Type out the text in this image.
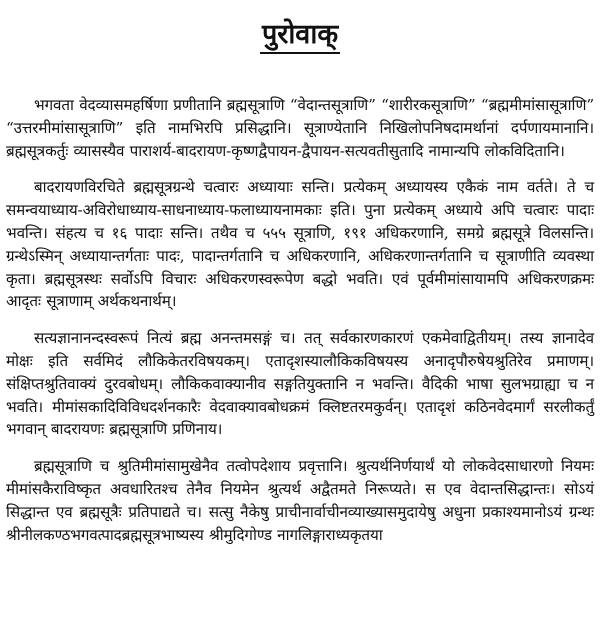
पुरोवाक्

भगवता वेदव्यासमहर्षिणा प्रणीतानि ब्रह्मसूत्राणि “वेदान्तसूत्राणि” “शारीरकसूत्राणि” “ब्रह्ममीमांसासूत्राणि” “उत्तरमीमांसासूत्राणि” इति नामभिरपि प्रसिद्धानि। सूत्राण्येतानि निखिलोपनिषदामर्थानां दर्पणायमानानि। ब्रह्मसूत्रकर्तुः व्यासस्यैव पाराशर्य-बादरायण-कृष्णद्वैपायन-द्वैपायन-सत्यवतीसुतादि नामान्यपि लोकविदितानि।

बादरायणविरचिते ब्रह्मसूत्रग्रन्थे चत्वारः अध्यायाः सन्ति। प्रत्येकम् अध्यायस्य एकैकं नाम वर्तते। ते च समन्वयाध्याय-अविरोधाध्याय-साधनाध्याय-फलाध्यायनामकाः इति। पुना प्रत्येकम् अध्याये अपि चत्वारः पादाः भवन्ति। संहत्य च १६ पादाः सन्ति। तथैव च ५५५ सूत्राणि, १९१ अधिकरणानि, समग्रे ब्रह्मसूत्रे विलसन्ति। ग्रन्थेऽस्मिन् अध्यायान्तर्गताः पादः, पादान्तर्गतानि च अधिकरणानि, अधिकरणान्तर्गतानि च सूत्राणीति व्यवस्था कृता। ब्रह्मसूत्रस्थः सर्वोऽपि विचारः अधिकरणस्वरूपेण बद्धो भवति। एवं पूर्वमीमांसायामपि अधिकरणक्रमः आदृतः सूत्राणाम् अर्थकथनार्थम्।

सत्यज्ञानानन्दस्वरूपं नित्यं ब्रह्म अनन्तमसङ्गं च। तत् सर्वकारणकारणं एकमेवाद्वितीयम्। तस्य ज्ञानादेव मोक्षः इति सर्वमिदं लौकिकेतरविषयकम्। एतादृशस्यालौकिकविषयस्य अनादृपौरुषेयश्रुतिरेव प्रमाणम्। संक्षिप्तश्रुतिवाक्यं दुरवबोधम्। लौकिकवाक्यानीव सङ्गतियुक्तानि न भवन्ति। वैदिकी भाषा सुलभग्राह्या च न भवति। मीमांसकादिविविधदर्शनकारैः वेदवाक्यावबोधक्रमं क्लिष्टतरमकुर्वन्। एतादृशं कठिनवेदमार्गं सरलीकर्तुं भगवान् बादरायणः ब्रह्मसूत्राणि प्रणिनाय।

ब्रह्मसूत्राणि च श्रुतिमीमांसामुखेनैव तत्वोपदेशाय प्रवृत्तानि। श्रुत्यर्थनिर्णयार्थं यो लोकवेदसाधारणो नियमः मीमांसकैराविष्कृत अवधारितश्च तेनैव नियमेन श्रुत्यर्थ अद्वैतमते निरूप्यते। स एव वेदान्तसिद्धान्तः। सोऽयं सिद्धान्त एव ब्रह्मसूत्रैः प्रतिपाद्यते च। सत्सु नैकेषु प्राचीनार्वाचीनव्याख्यासमुदायेषु अधुना प्रकाश्यमानोऽयं ग्रन्थः श्रीनीलकण्ठभगवत्पादब्रह्मसूत्रभाष्यस्य श्रीमुदिगोण्ड नागलिङ्गाराध्यकृतया
